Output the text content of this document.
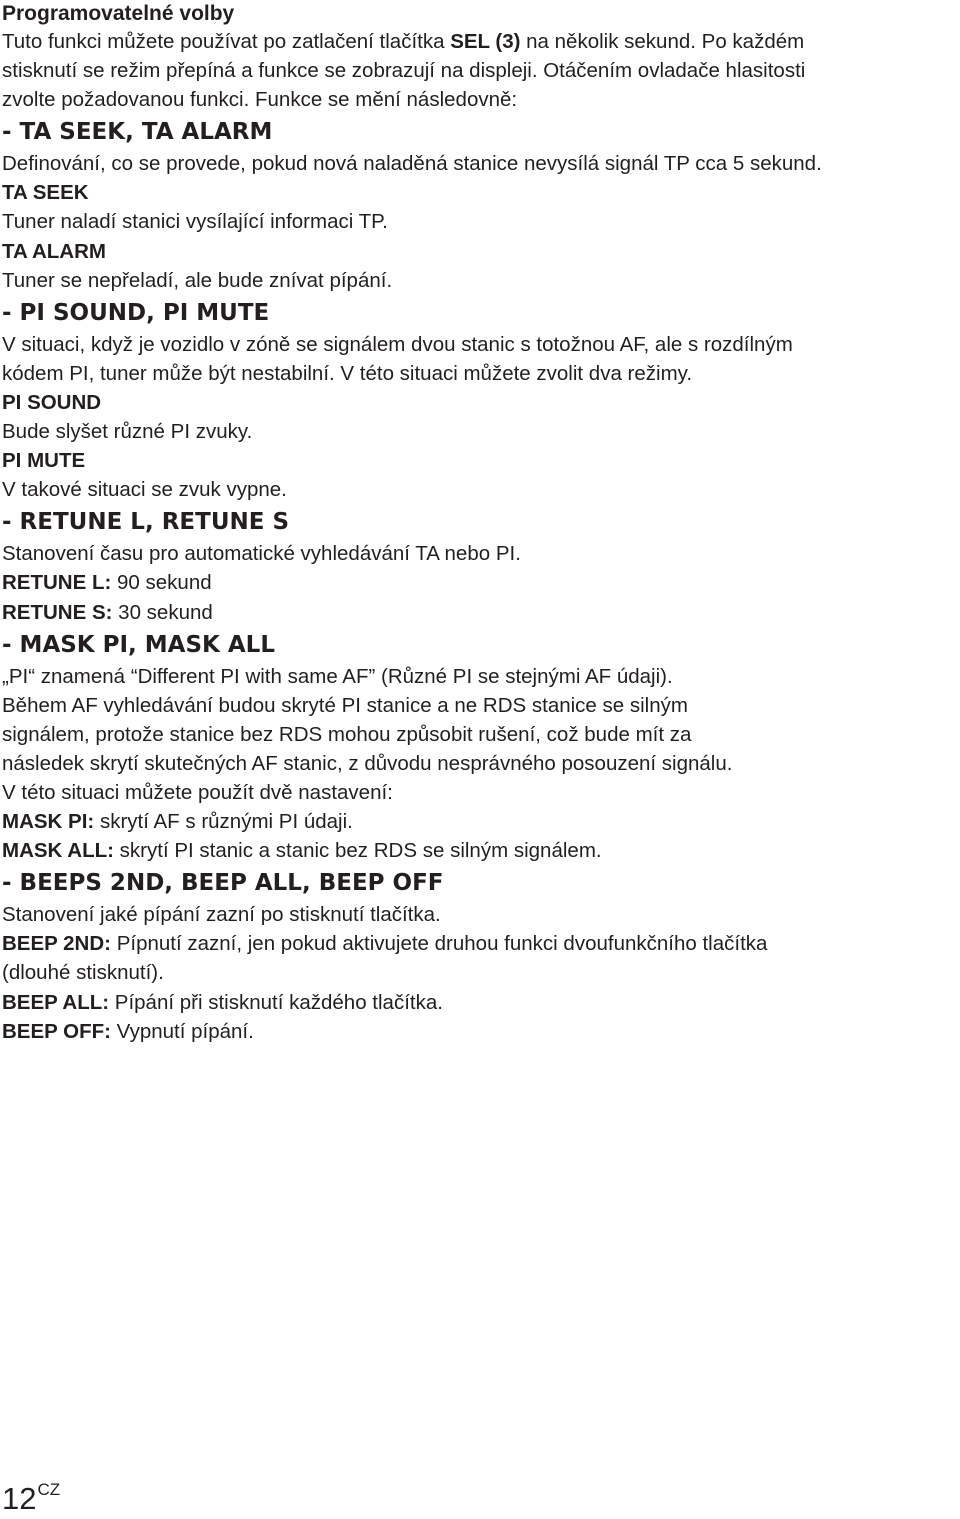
Programovatelné volby
Tuto funkci můžete používat po zatlačení tlačítka SEL (3) na několik sekund. Po každém
stisknutí se režim přepíná a funkce se zobrazují na displeji. Otáčením ovladače hlasitosti
zvolte požadovanou funkci. Funkce se mění následovně:
- TA SEEK, TA ALARM
Definování, co se provede, pokud nová naladěná stanice nevysílá signál TP cca 5 sekund.
TA SEEK
Tuner naladí stanici vysílající informaci TP.
TA ALARM
Tuner se nepřeladí, ale bude znívat pípání.
- PI SOUND, PI MUTE
V situaci, když je vozidlo v zóně se signálem dvou stanic s totožnou AF, ale s rozdílným
kódem PI, tuner může být nestabilní. V této situaci můžete zvolit dva režimy.
PI SOUND
Bude slyšet různé PI zvuky.
PI MUTE
V takové situaci se zvuk vypne.
- RETUNE L, RETUNE S
Stanovení času pro automatické vyhledávání TA nebo PI.
RETUNE L: 90 sekund
RETUNE S: 30 sekund
- MASK PI, MASK ALL
„PI“ znamená “Different PI with same AF” (Různé PI se stejnými AF údaji).
Během AF vyhledávání budou skryté PI stanice a ne RDS stanice se silným
signálem, protože stanice bez RDS mohou způsobit rušení, což bude mít za
následek skrytí skutečných AF stanic, z důvodu nesprávného posouzení signálu.
V této situaci můžete použít dvě nastavení:
MASK PI: skrytí AF s různými PI údaji.
MASK ALL: skrytí PI stanic a stanic bez RDS se silným signálem.
- BEEPS 2ND, BEEP ALL, BEEP OFF
Stanovení jaké pípání zazní po stisknutí tlačítka.
BEEP 2ND: Pípnutí zazní, jen pokud aktivujete druhou funkci dvoufunkčního tlačítka
(dlouhé stisknutí).
BEEP ALL: Pípání při stisknutí každého tlačítka.
BEEP OFF: Vypnutí pípání.
$12^{CZ}$
